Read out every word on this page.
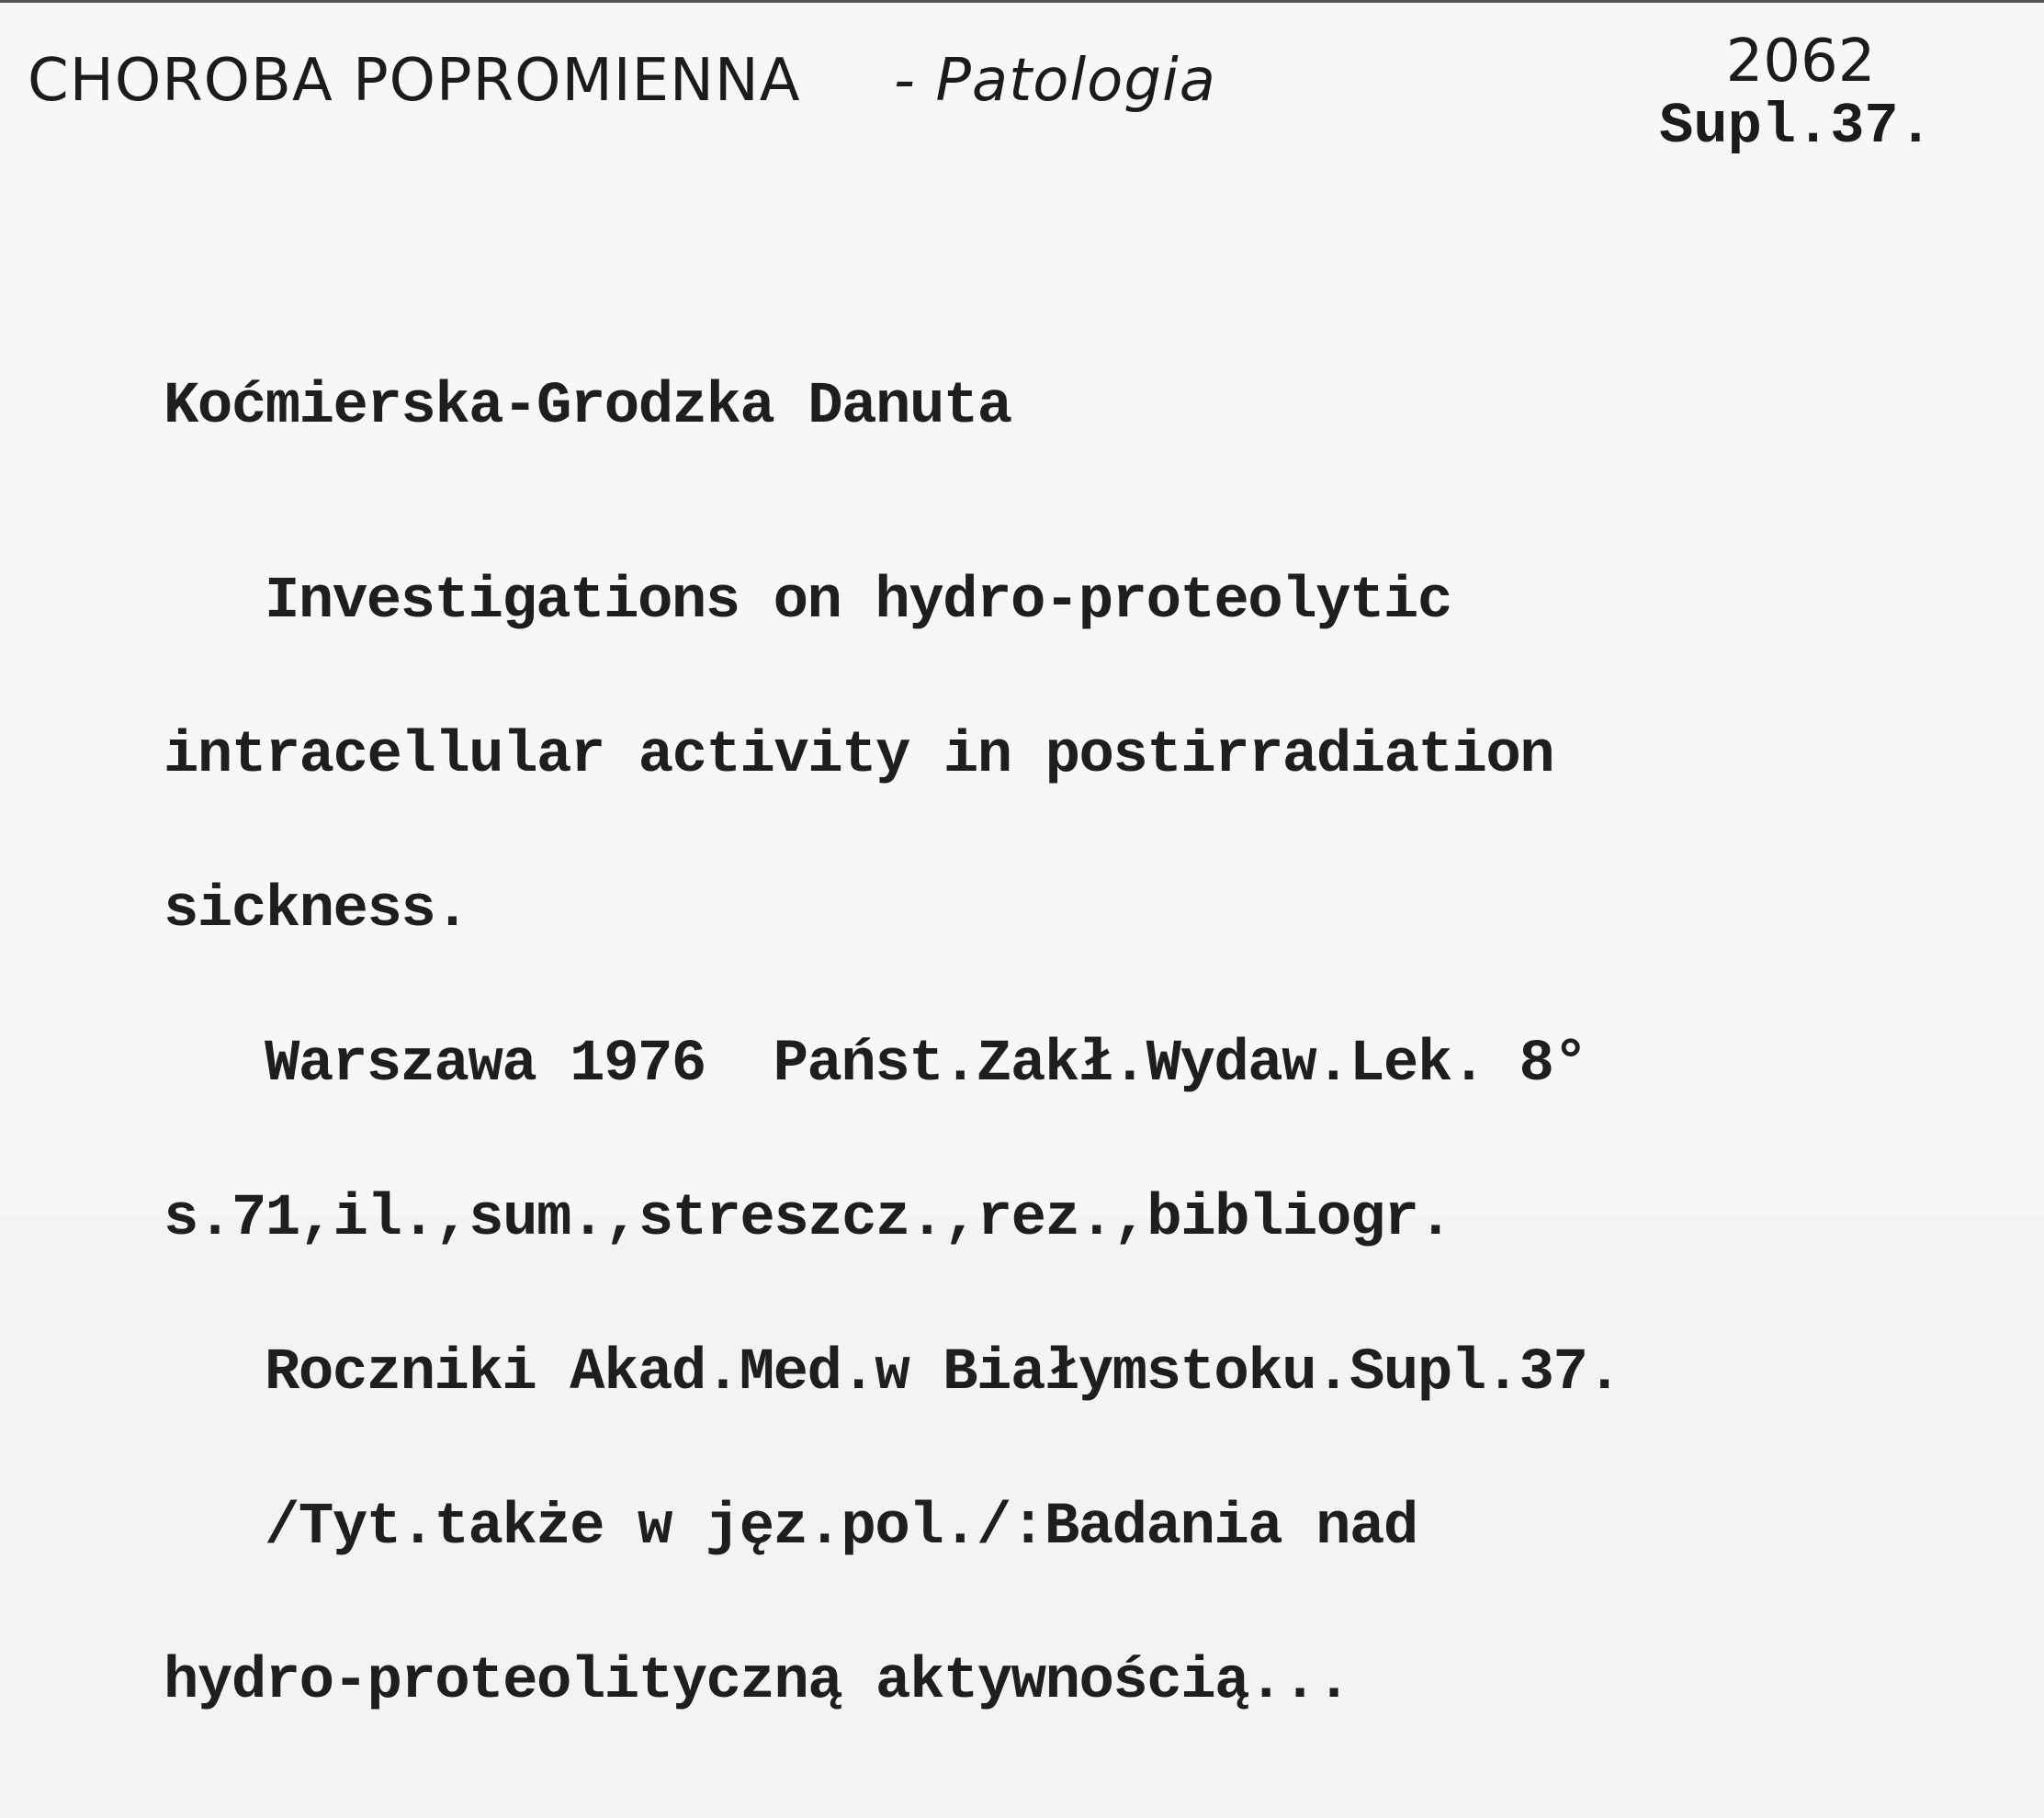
CHOROBA POPROMIENNA - Patologia	2062
Supl.37.

Koćmierska-Grodzka Danuta

Investigations on hydro-proteolytic

intracellular activity in postirradiation

sickness.

Warszawa 1976  Państ.Zakł.Wydaw.Lek. 8°

s.71,il.,sum.,streszcz.,rez.,bibliogr.

Roczniki Akad.Med.w Białymstoku.Supl.37.

/Tyt.także w jęz.pol./:Badania nad

hydro-proteolityczną aktywnością...
